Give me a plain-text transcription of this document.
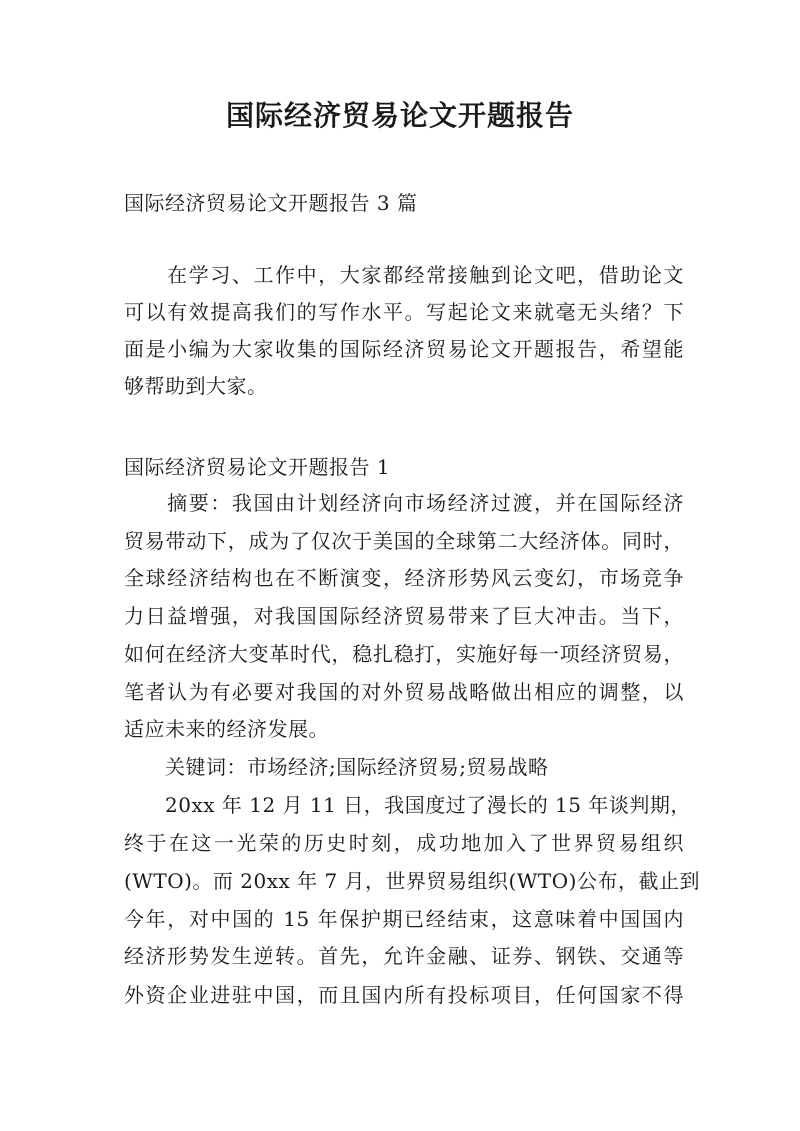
国际经济贸易论文开题报告
国际经济贸易论文开题报告 3 篇
　　在学习、工作中，大家都经常接触到论文吧，借助论文
可以有效提高我们的写作水平。写起论文来就毫无头绪？下
面是小编为大家收集的国际经济贸易论文开题报告，希望能
够帮助到大家。
国际经济贸易论文开题报告 1
　　摘要：我国由计划经济向市场经济过渡，并在国际经济
贸易带动下，成为了仅次于美国的全球第二大经济体。同时，
全球经济结构也在不断演变，经济形势风云变幻，市场竞争
力日益增强，对我国国际经济贸易带来了巨大冲击。当下，
如何在经济大变革时代，稳扎稳打，实施好每一项经济贸易，
笔者认为有必要对我国的对外贸易战略做出相应的调整，以
适应未来的经济发展。
　　关键词：市场经济;国际经济贸易;贸易战略
　　20xx 年 12 月 11 日，我国度过了漫长的 15 年谈判期，
终于在这一光荣的历史时刻，成功地加入了世界贸易组织
(WTO)。而 20xx 年 7 月，世界贸易组织(WTO)公布，截止到
今年，对中国的 15 年保护期已经结束，这意味着中国国内
经济形势发生逆转。首先，允许金融、证券、钢铁、交通等
外资企业进驻中国，而且国内所有投标项目，任何国家不得
